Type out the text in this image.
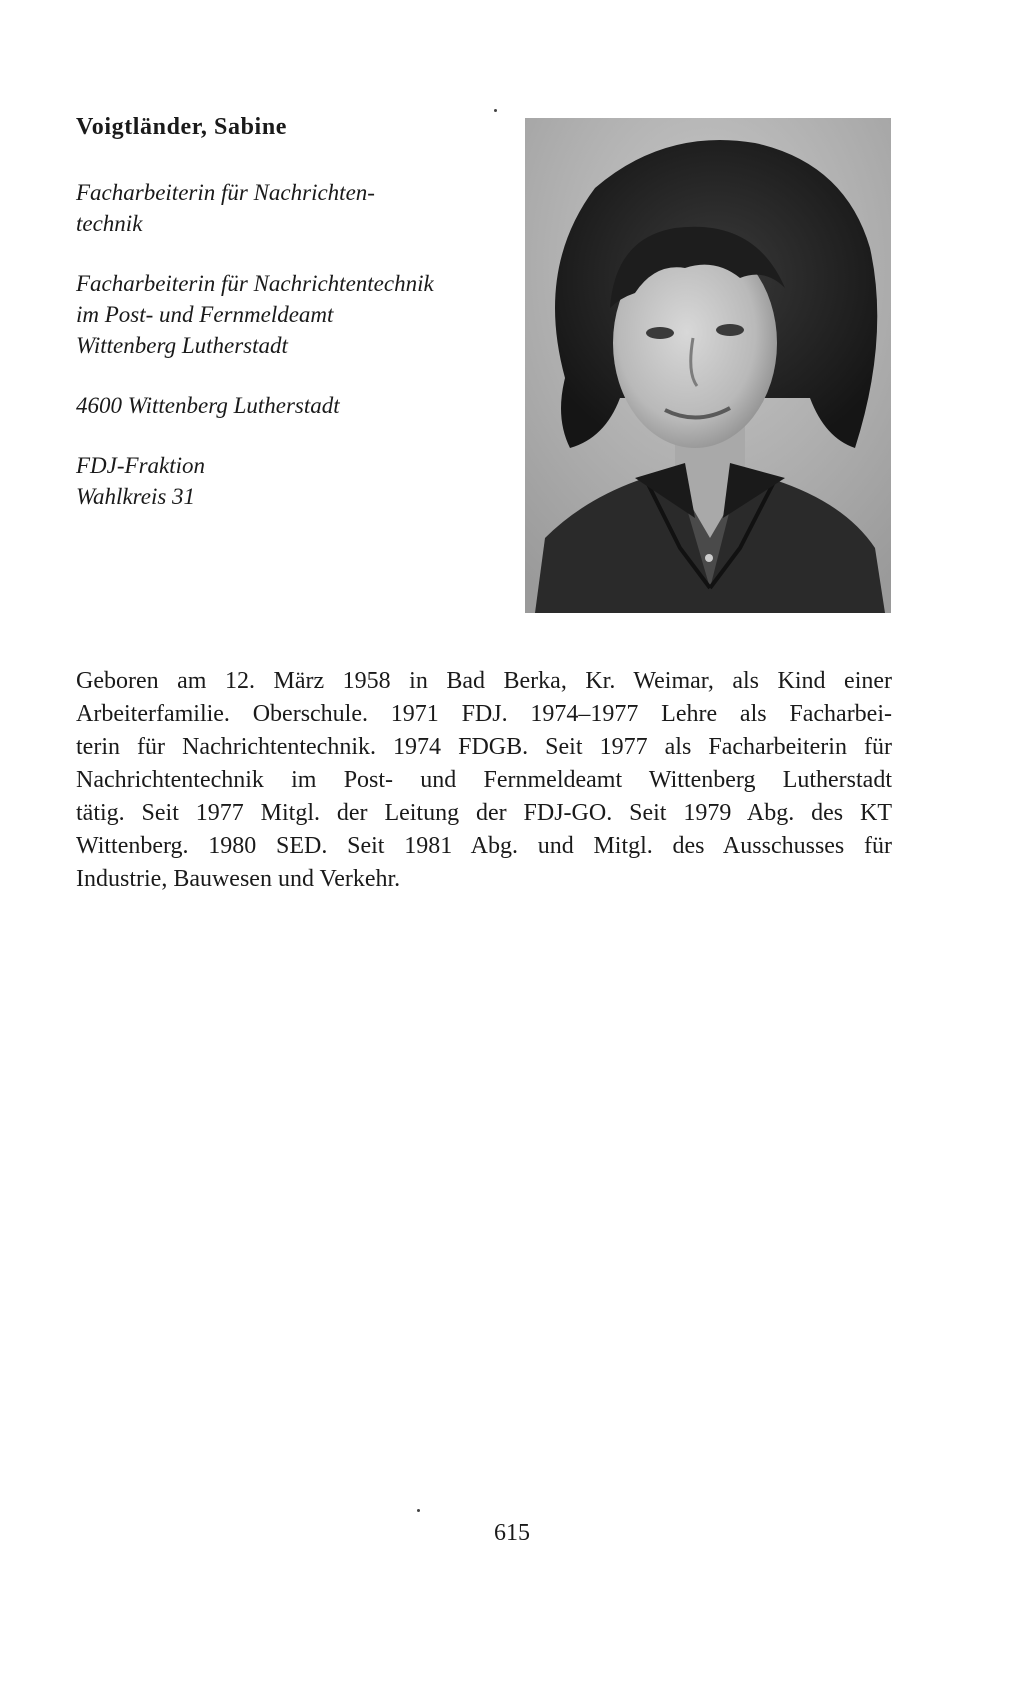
Voigtländer, Sabine
Facharbeiterin für Nachrichten-
technik
Facharbeiterin für Nachrichtentechnik
im Post- und Fernmeldeamt
Wittenberg Lutherstadt
4600 Wittenberg Lutherstadt
FDJ-Fraktion
Wahlkreis 31
Geboren am 12. März 1958 in Bad Berka, Kr. Weimar, als Kind einer
Arbeiterfamilie. Oberschule. 1971 FDJ. 1974–1977 Lehre als Facharbei-
terin für Nachrichtentechnik. 1974 FDGB. Seit 1977 als Facharbeiterin für
Nachrichtentechnik im Post- und Fernmeldeamt Wittenberg Lutherstadt
tätig. Seit 1977 Mitgl. der Leitung der FDJ-GO. Seit 1979 Abg. des KT
Wittenberg. 1980 SED. Seit 1981 Abg. und Mitgl. des Ausschusses für
Industrie, Bauwesen und Verkehr.
615
